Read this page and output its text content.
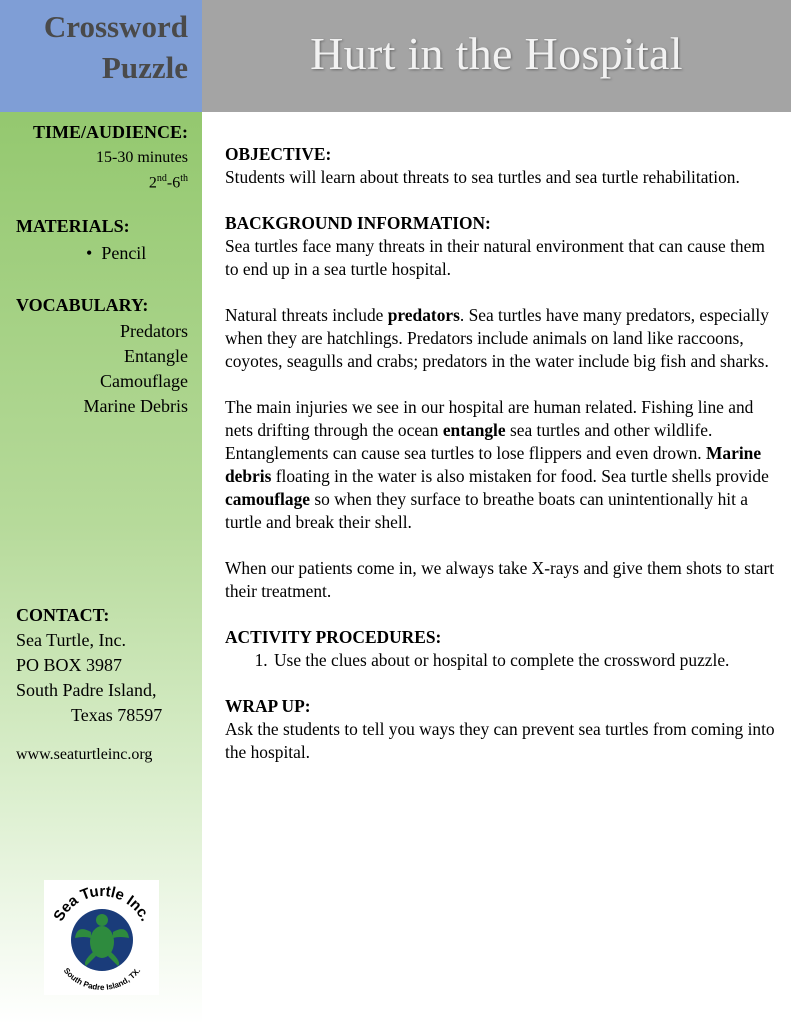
Crossword
Puzzle	Hurt in the Hospital
TIME/AUDIENCE:
15-30 minutes
2nd-6th
MATERIALS:
• Pencil
VOCABULARY:
Predators
Entangle
Camouflage
Marine Debris
CONTACT:
Sea Turtle, Inc.
PO BOX 3987
South Padre Island,
Texas 78597
www.seaturtleinc.org
Sea Turtle Inc.
South Padre Island, TX.
OBJECTIVE:

Students will learn about threats to sea turtles and sea turtle rehabilitation.

BACKGROUND INFORMATION:

Sea turtles face many threats in their natural environment that can cause them to end up in a sea turtle hospital.

Natural threats include predators. Sea turtles have many predators, especially when they are hatchlings. Predators include animals on land like raccoons, coyotes, seagulls and crabs; predators in the water include big fish and sharks.

The main injuries we see in our hospital are human related. Fishing line and nets drifting through the ocean entangle sea turtles and other wildlife. Entanglements can cause sea turtles to lose flippers and even drown. Marine debris floating in the water is also mistaken for food. Sea turtle shells provide camouflage so when they surface to breathe boats can unintentionally hit a turtle and break their shell.

When our patients come in, we always take X-rays and give them shots to start their treatment.

ACTIVITY PROCEDURES:
1. Use the clues about or hospital to complete the crossword puzzle.
WRAP UP:

Ask the students to tell you ways they can prevent sea turtles from coming into the hospital.
